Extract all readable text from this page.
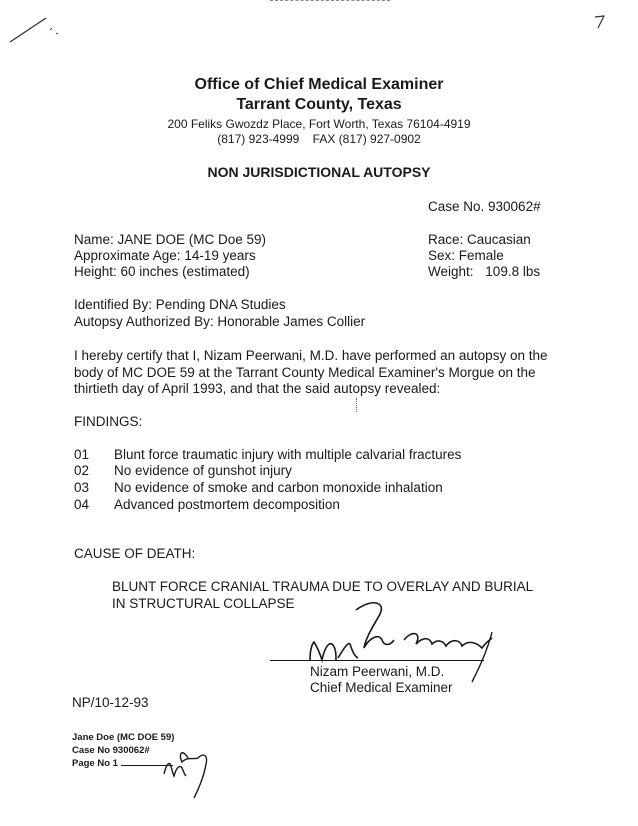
Office of Chief Medical Examiner
Tarrant County, Texas
200 Feliks Gwozdz Place, Fort Worth, Texas 76104-4919
(817) 923-4999    FAX (817) 927-0902
NON JURISDICTIONAL AUTOPSY
Case No. 930062#
Name: JANE DOE (MC Doe 59)
Approximate Age: 14-19 years
Height: 60 inches (estimated)
Race: Caucasian
Sex: Female
Weight: 109.8 lbs
Identified By: Pending DNA Studies
Autopsy Authorized By: Honorable James Collier
I hereby certify that I, Nizam Peerwani, M.D. have performed an autopsy on the
body of MC DOE 59 at the Tarrant County Medical Examiner's Morgue on the
thirtieth day of April 1993, and that the said autopsy revealed:
FINDINGS:
01 Blunt force traumatic injury with multiple calvarial fractures
02 No evidence of gunshot injury
03 No evidence of smoke and carbon monoxide inhalation
04 Advanced postmortem decomposition
CAUSE OF DEATH:
BLUNT FORCE CRANIAL TRAUMA DUE TO OVERLAY AND BURIAL
IN STRUCTURAL COLLAPSE
Nizam Peerwani, M.D.
Chief Medical Examiner
NP/10-12-93
Jane Doe (MC DOE 59)
Case No 930062#
Page No 1
